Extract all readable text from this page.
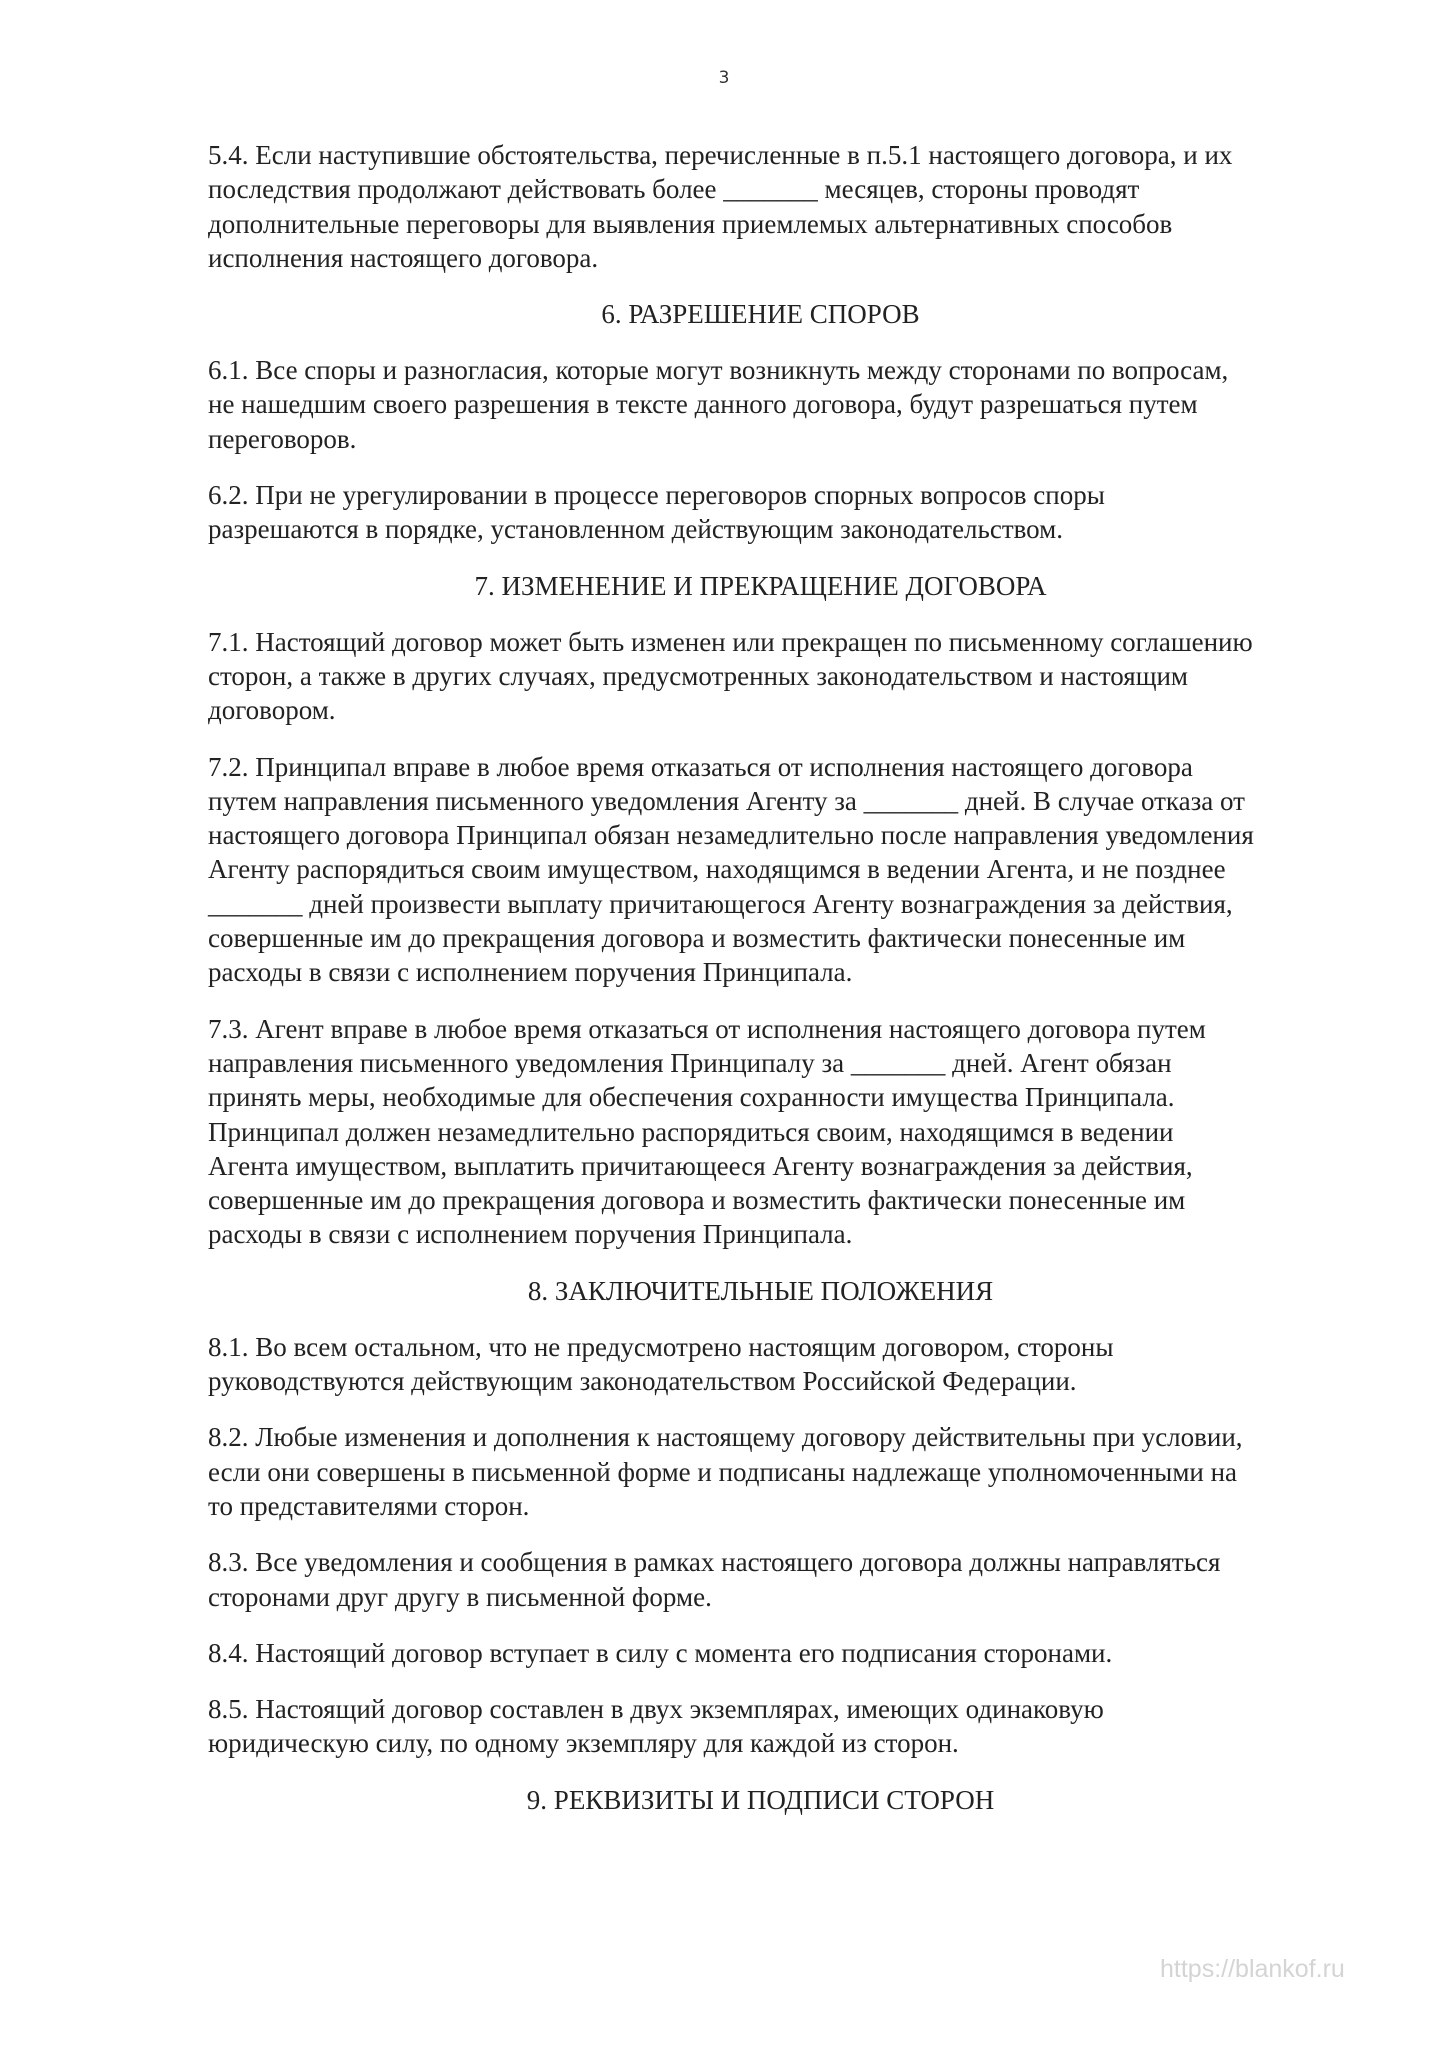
3

5.4. Если наступившие обстоятельства, перечисленные в п.5.1 настоящего договора, и их
последствия продолжают действовать более _______ месяцев, стороны проводят
дополнительные переговоры для выявления приемлемых альтернативных способов
исполнения настоящего договора.

6. РАЗРЕШЕНИЕ СПОРОВ

6.1. Все споры и разногласия, которые могут возникнуть между сторонами по вопросам,
не нашедшим своего разрешения в тексте данного договора, будут разрешаться путем
переговоров.

6.2. При не урегулировании в процессе переговоров спорных вопросов споры
разрешаются в порядке, установленном действующим законодательством.

7. ИЗМЕНЕНИЕ И ПРЕКРАЩЕНИЕ ДОГОВОРА

7.1. Настоящий договор может быть изменен или прекращен по письменному соглашению
сторон, а также в других случаях, предусмотренных законодательством и настоящим
договором.

7.2. Принципал вправе в любое время отказаться от исполнения настоящего договора
путем направления письменного уведомления Агенту за _______ дней. В случае отказа от
настоящего договора Принципал обязан незамедлительно после направления уведомления
Агенту распорядиться своим имуществом, находящимся в ведении Агента, и не позднее
_______ дней произвести выплату причитающегося Агенту вознаграждения за действия,
совершенные им до прекращения договора и возместить фактически понесенные им
расходы в связи с исполнением поручения Принципала.

7.3. Агент вправе в любое время отказаться от исполнения настоящего договора путем
направления письменного уведомления Принципалу за _______ дней. Агент обязан
принять меры, необходимые для обеспечения сохранности имущества Принципала.
Принципал должен незамедлительно распорядиться своим, находящимся в ведении
Агента имуществом, выплатить причитающееся Агенту вознаграждения за действия,
совершенные им до прекращения договора и возместить фактически понесенные им
расходы в связи с исполнением поручения Принципала.

8. ЗАКЛЮЧИТЕЛЬНЫЕ ПОЛОЖЕНИЯ

8.1. Во всем остальном, что не предусмотрено настоящим договором, стороны
руководствуются действующим законодательством Российской Федерации.

8.2. Любые изменения и дополнения к настоящему договору действительны при условии,
если они совершены в письменной форме и подписаны надлежаще уполномоченными на
то представителями сторон.

8.3. Все уведомления и сообщения в рамках настоящего договора должны направляться
сторонами друг другу в письменной форме.

8.4. Настоящий договор вступает в силу с момента его подписания сторонами.

8.5. Настоящий договор составлен в двух экземплярах, имеющих одинаковую
юридическую силу, по одному экземпляру для каждой из сторон.

9. РЕКВИЗИТЫ И ПОДПИСИ СТОРОН
https://blankof.ru
